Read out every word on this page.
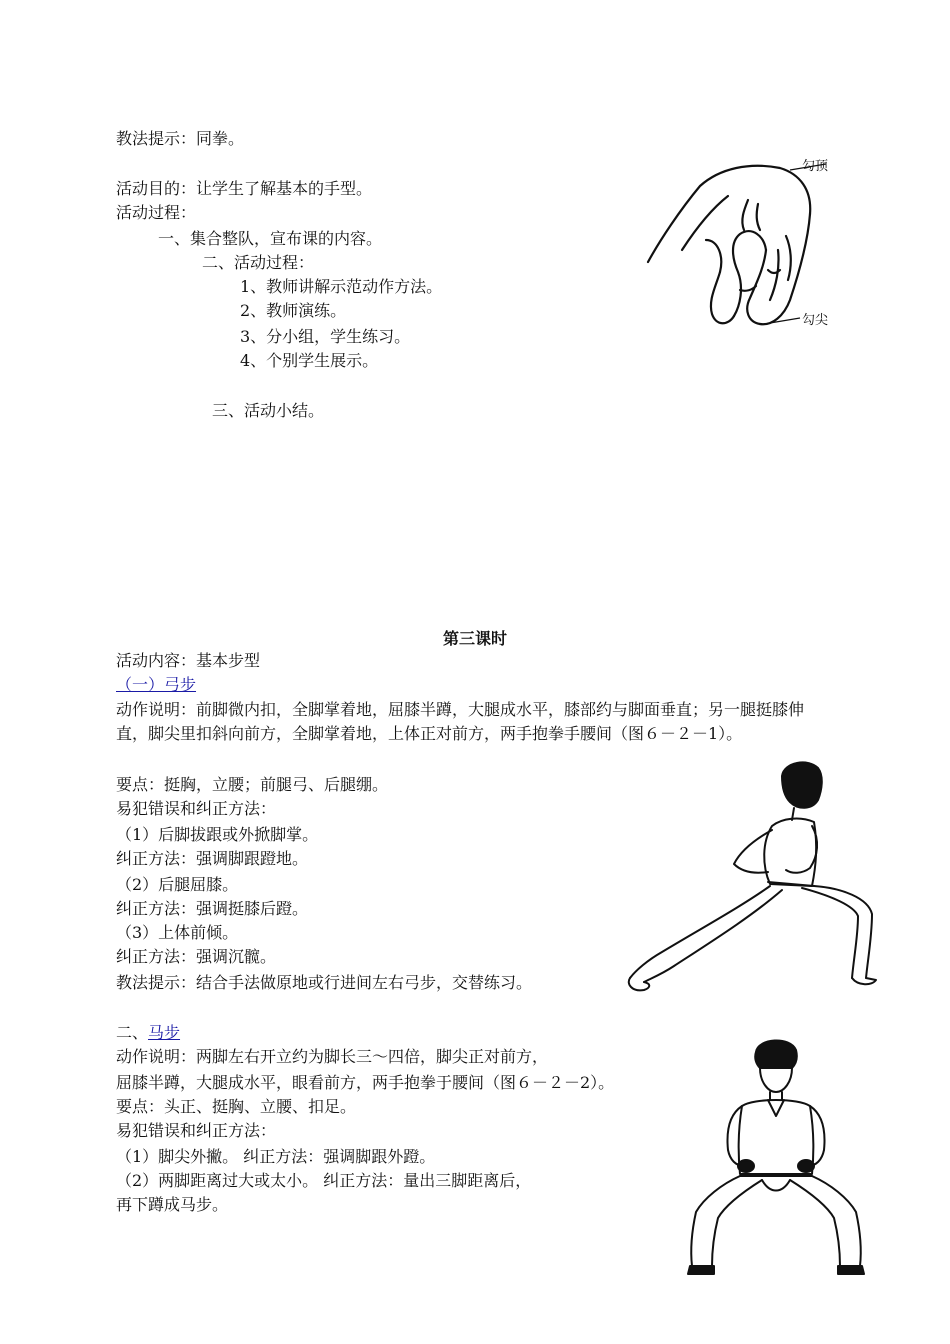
教法提示：同拳。
活动目的：让学生了解基本的手型。
活动过程：
一、集合整队，宣布课的内容。
二、活动过程：
1、教师讲解示范动作方法。
2、教师演练。
3、分小组，学生练习。
4、个别学生展示。
三、活动小结。
勾顶
勾尖
第三课时
活动内容：基本步型
（一）弓步
动作说明：前脚微内扣，全脚掌着地，屈膝半蹲，大腿成水平，膝部约与脚面垂直；另一腿挺膝伸直，脚尖里扣斜向前方，全脚掌着地，上体正对前方，两手抱拳手腰间（图６－２－1）。
要点：挺胸，立腰；前腿弓、后腿绷。
易犯错误和纠正方法：
（1）后脚拔跟或外掀脚掌。
纠正方法：强调脚跟蹬地。
（2）后腿屈膝。
纠正方法：强调挺膝后蹬。
（3）上体前倾。
纠正方法：强调沉髋。
教法提示：结合手法做原地或行进间左右弓步，交替练习。
二、马步
动作说明：两脚左右开立约为脚长三～四倍，脚尖正对前方，
屈膝半蹲，大腿成水平，眼看前方，两手抱拳于腰间（图６－２－2）。
要点：头正、挺胸、立腰、扣足。
易犯错误和纠正方法：
（1）脚尖外撇。 纠正方法：强调脚跟外蹬。
（2）两脚距离过大或太小。 纠正方法：量出三脚距离后，
再下蹲成马步。
